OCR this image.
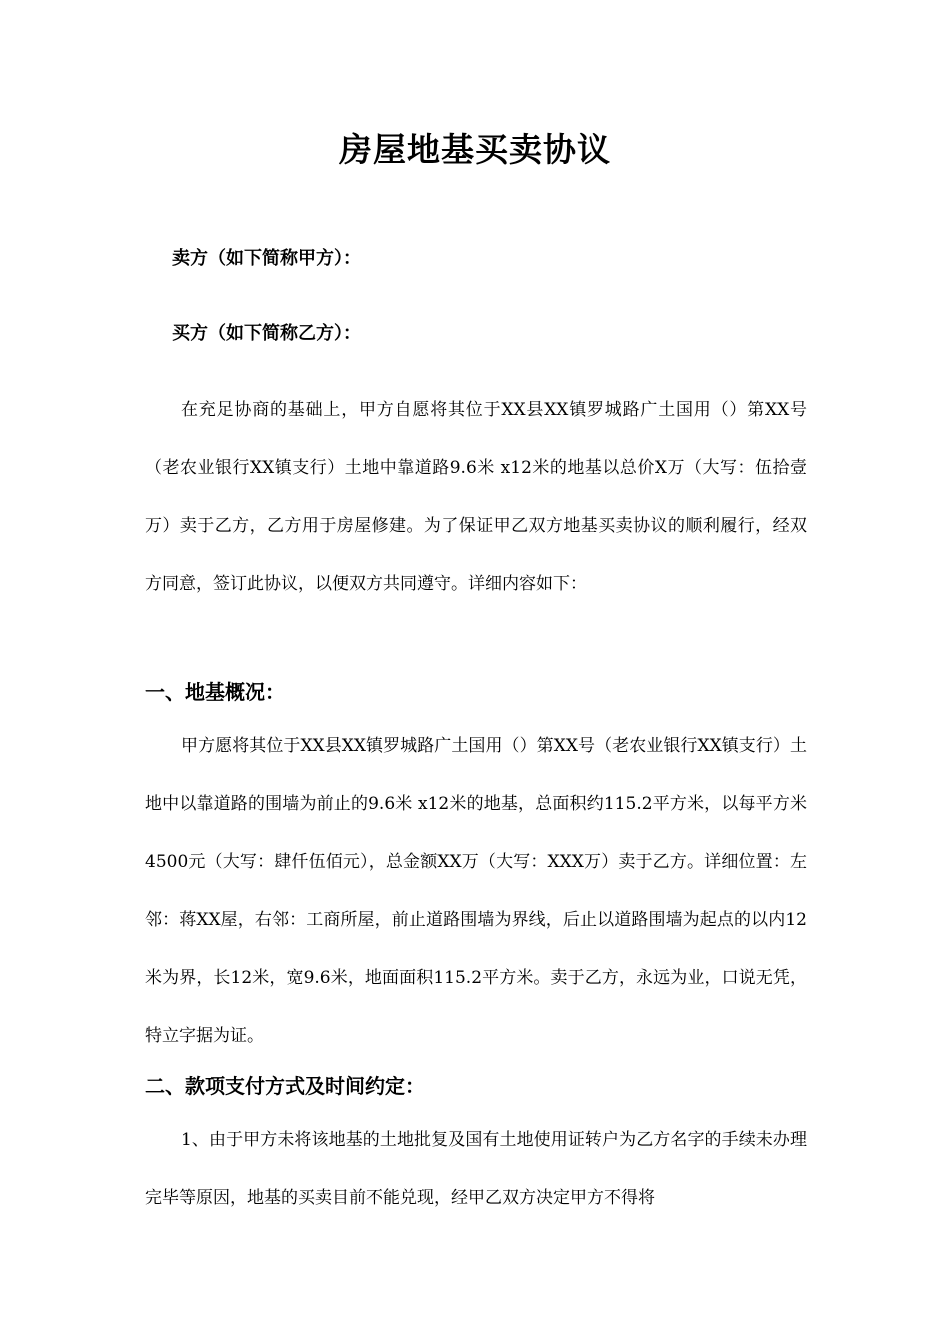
房屋地基买卖协议
卖方（如下简称甲方）：
买方（如下简称乙方）：

在充足协商的基础上，甲方自愿将其位于XX县XX镇罗城路广土国用（）第XX号（老农业银行XX镇支行）土地中靠道路9.6米 x12米的地基以总价X万（大写：伍拾壹万）卖于乙方，乙方用于房屋修建。为了保证甲乙双方地基买卖协议的顺利履行，经双方同意，签订此协议，以便双方共同遵守。详细内容如下：

一、地基概况：

甲方愿将其位于XX县XX镇罗城路广土国用（）第XX号（老农业银行XX镇支行）土地中以靠道路的围墙为前止的9.6米 x12米的地基，总面积约115.2平方米，以每平方米4500元（大写：肆仟伍佰元），总金额XX万（大写：XXX万）卖于乙方。详细位置：左邻：蒋XX屋，右邻：工商所屋，前止道路围墙为界线，后止以道路围墙为起点的以内12米为界，长12米，宽9.6米，地面面积115.2平方米。卖于乙方，永远为业，口说无凭，特立字据为证。

二、款项支付方式及时间约定：

1、由于甲方未将该地基的土地批复及国有土地使用证转户为乙方名字的手续未办理完毕等原因，地基的买卖目前不能兑现，经甲乙双方决定甲方不得将
